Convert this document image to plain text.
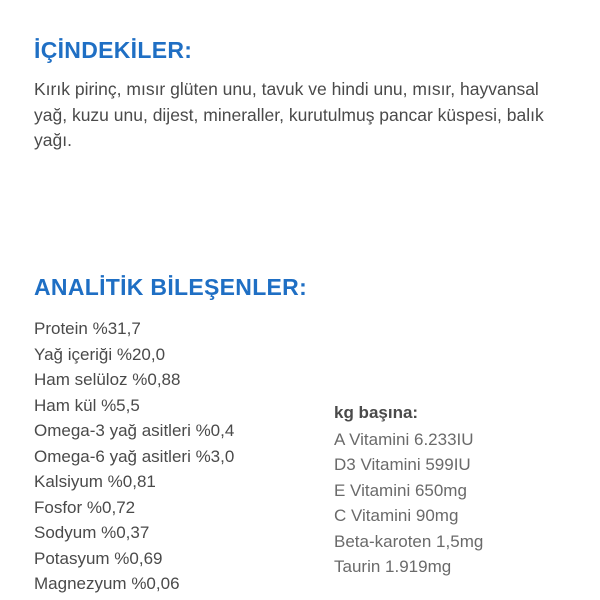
İÇİNDEKİLER:

Kırık pirinç, mısır glüten unu, tavuk ve hindi unu, mısır, hayvansal yağ, kuzu unu, dijest, mineraller, kurutulmuş pancar küspesi, balık yağı.

ANALİTİK BİLEŞENLER:
Protein %31,7
Yağ içeriği %20,0
Ham selüloz %0,88
Ham kül %5,5
Omega-3 yağ asitleri %0,4
Omega-6 yağ asitleri %3,0
Kalsiyum %0,81
Fosfor %0,72
Sodyum %0,37
Potasyum %0,69
Magnezyum %0,06
kg başına:
A Vitamini 6.233IU
D3 Vitamini 599IU
E Vitamini 650mg
C Vitamini 90mg
Beta-karoten 1,5mg
Taurin 1.919mg
